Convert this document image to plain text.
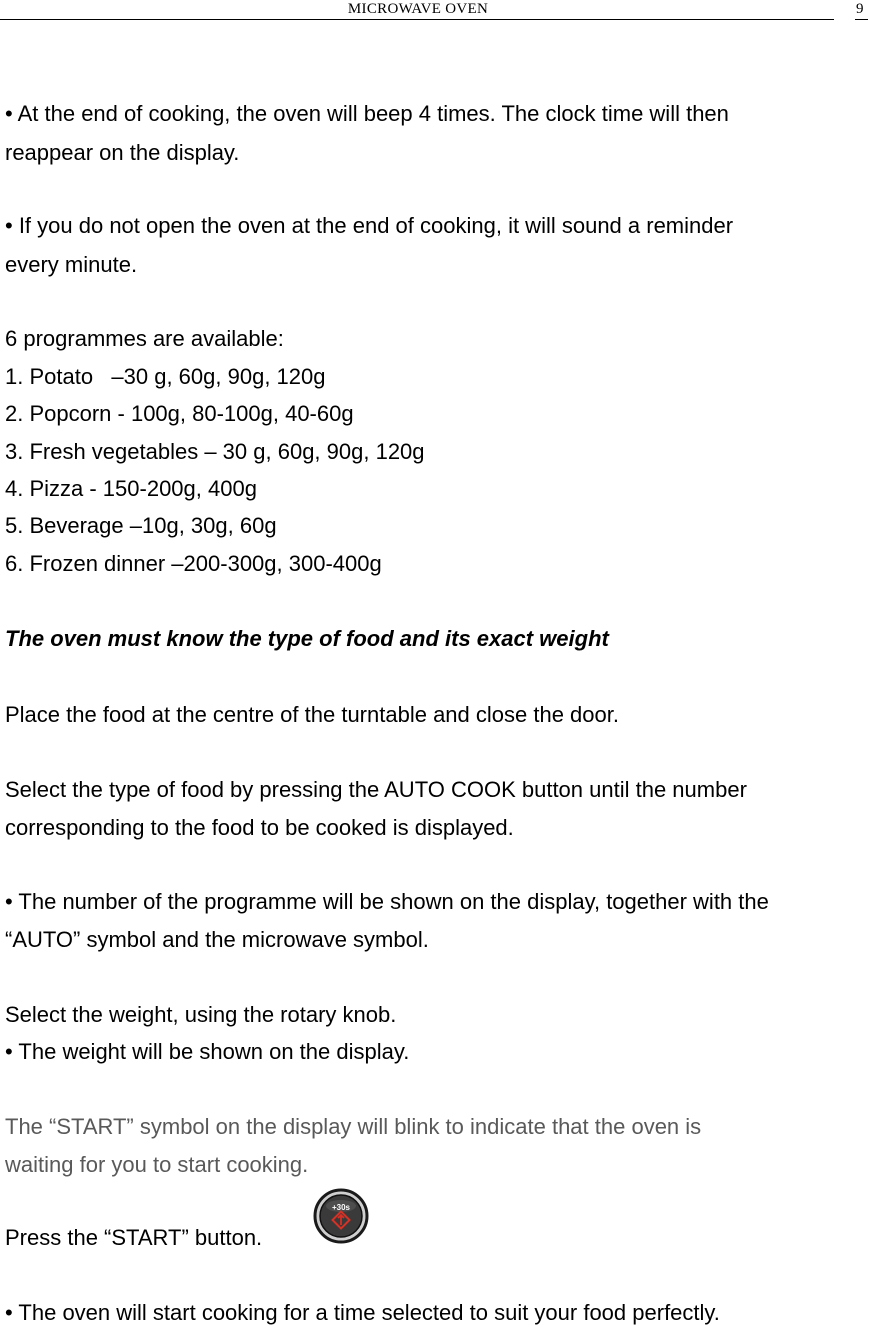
MICROWAVE OVEN	9

• At the end of cooking, the oven will beep 4 times. The clock time will then

reappear on the display.

• If you do not open the oven at the end of cooking, it will sound a reminder

every minute.

6 programmes are available:

1. Potato   –30 g, 60g, 90g, 120g

2. Popcorn - 100g, 80-100g, 40-60g

3. Fresh vegetables – 30 g, 60g, 90g, 120g

4. Pizza - 150-200g, 400g

5. Beverage –10g, 30g, 60g

6. Frozen dinner –200-300g, 300-400g

The oven must know the type of food and its exact weight

Place the food at the centre of the turntable and close the door.

Select the type of food by pressing the AUTO COOK button until the number

corresponding to the food to be cooked is displayed.

• The number of the programme will be shown on the display, together with the

“AUTO” symbol and the microwave symbol.

Select the weight, using the rotary knob.

• The weight will be shown on the display.

The “START” symbol on the display will blink to indicate that the oven is

waiting for you to start cooking.

Press the “START” button.

+30s

• The oven will start cooking for a time selected to suit your food perfectly.
